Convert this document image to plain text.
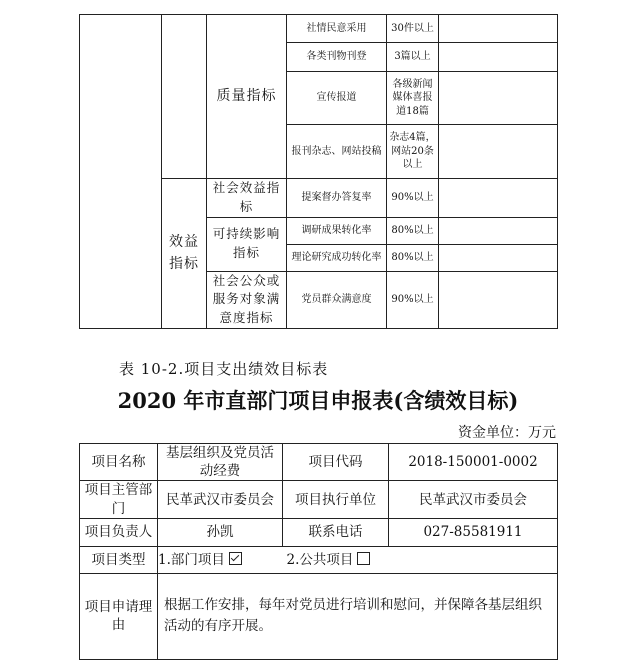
		质量指标	社情民意采用	30件以上	
			各类刊物刊登	3篇以上	
			宣传报道	各级新闻媒体喜报道18篇	
			报刊杂志、网站投稿	杂志4篇，网站20条以上	
	效益指标	社会效益指标	提案督办答复率	90%以上	
		可持续影响指标	调研成果转化率	80%以上	
			理论研究成功转化率	80%以上	
		社会公众或服务对象满意度指标	党员群众满意度	90%以上	
表 10-2.项目支出绩效目标表
2020 年市直部门项目申报表(含绩效目标)
资金单位：万元
项目名称	基层组织及党员活动经费	项目代码	2018-150001-0002
项目主管部门	民革武汉市委员会	项目执行单位	民革武汉市委员会
项目负责人	孙凯	联系电话	027-85581911
项目类型	1.部门项目 2.公共项目		
项目申请理由	根据工作安排，每年对党员进行培训和慰问，并保障各基层组织活动的有序开展。		
